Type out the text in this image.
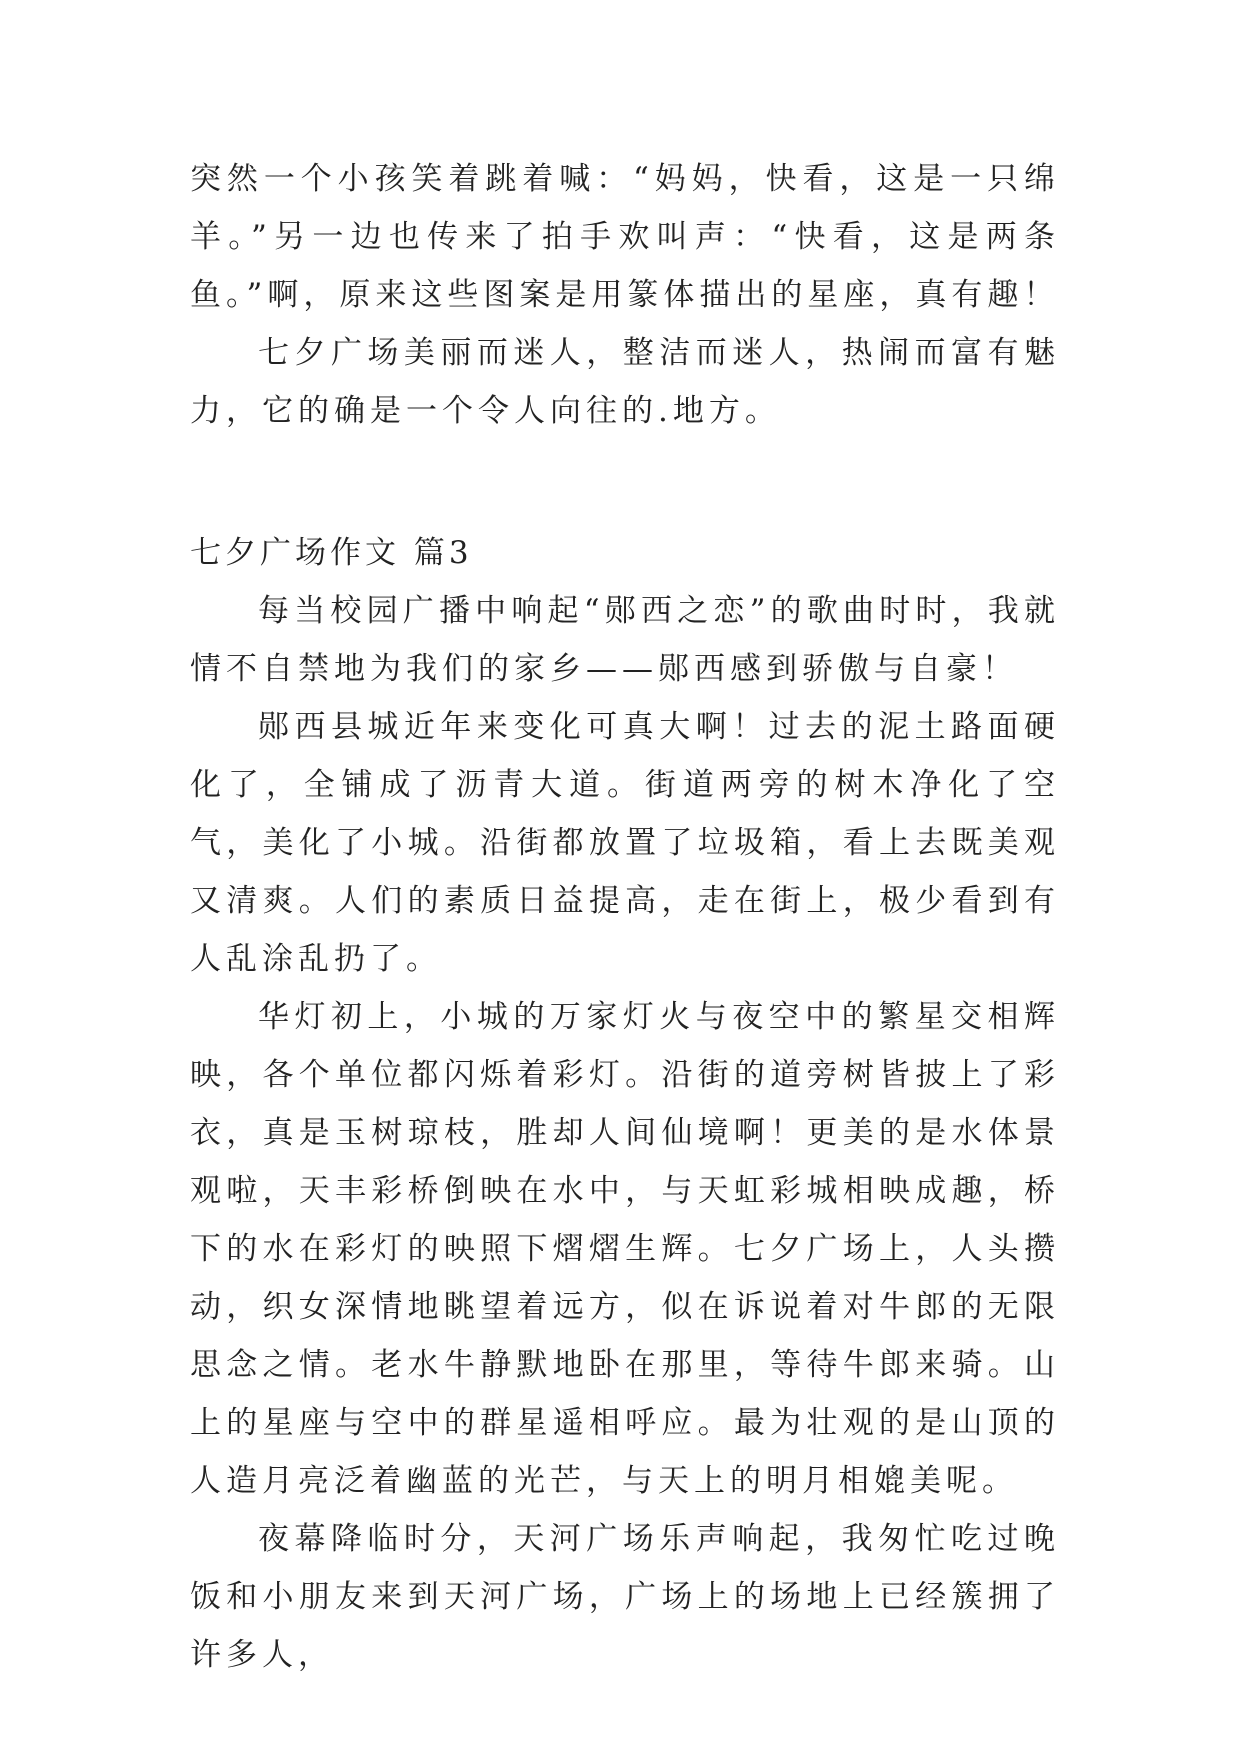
突然一个小孩笑着跳着喊：“妈妈，快看，这是一只绵羊。”另一边也传来了拍手欢叫声：“快看，这是两条鱼。”啊，原来这些图案是用篆体描出的星座，真有趣！

七夕广场美丽而迷人，整洁而迷人，热闹而富有魅力，它的确是一个令人向往的.地方。

七夕广场作文 篇3

每当校园广播中响起“郧西之恋”的歌曲时时，我就情不自禁地为我们的家乡——郧西感到骄傲与自豪！

郧西县城近年来变化可真大啊！过去的泥土路面硬化了，全铺成了沥青大道。街道两旁的树木净化了空气，美化了小城。沿街都放置了垃圾箱，看上去既美观又清爽。人们的素质日益提高，走在街上，极少看到有人乱涂乱扔了。

华灯初上，小城的万家灯火与夜空中的繁星交相辉映，各个单位都闪烁着彩灯。沿街的道旁树皆披上了彩衣，真是玉树琼枝，胜却人间仙境啊！更美的是水体景观啦，天丰彩桥倒映在水中，与天虹彩城相映成趣，桥下的水在彩灯的映照下熠熠生辉。七夕广场上，人头攒动，织女深情地眺望着远方，似在诉说着对牛郎的无限思念之情。老水牛静默地卧在那里，等待牛郎来骑。山上的星座与空中的群星遥相呼应。最为壮观的是山顶的人造月亮泛着幽蓝的光芒，与天上的明月相媲美呢。

夜幕降临时分，天河广场乐声响起，我匆忙吃过晚饭和小朋友来到天河广场，广场上的场地上已经簇拥了许多人，
